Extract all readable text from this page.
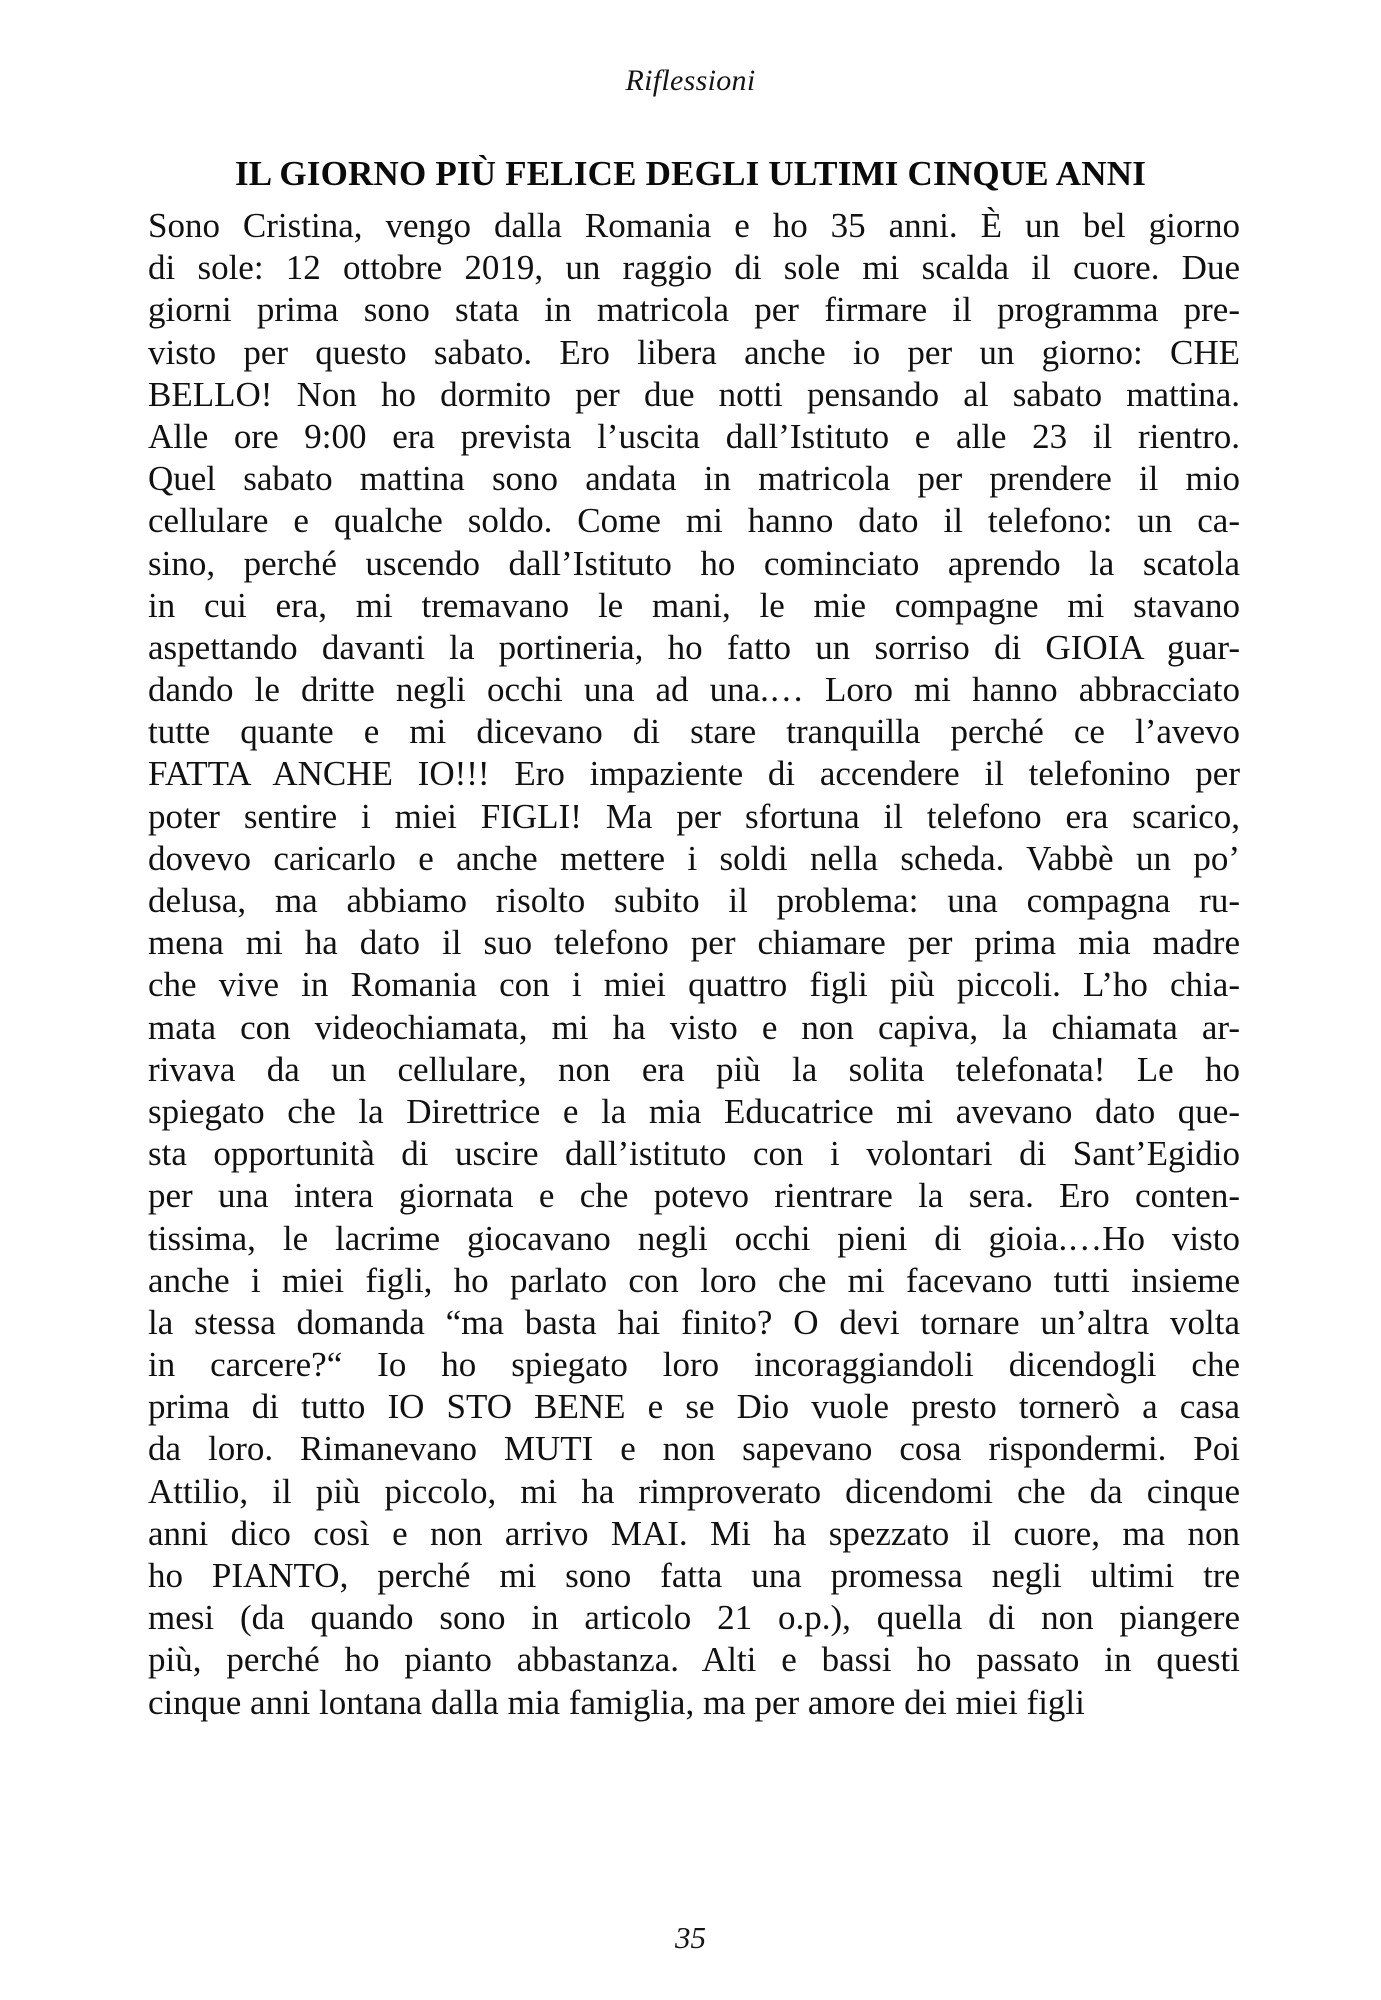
Riflessioni
IL GIORNO PIÙ FELICE DEGLI ULTIMI CINQUE ANNI
Sono Cristina, vengo dalla Romania e ho 35 anni. È un bel giorno
di sole: 12 ottobre 2019, un raggio di sole mi scalda il cuore. Due
giorni prima sono stata in matricola per firmare il programma pre-
visto per questo sabato. Ero libera anche io per un giorno: CHE
BELLO! Non ho dormito per due notti pensando al sabato mattina.
Alle ore 9:00 era prevista l’uscita dall’Istituto e alle 23 il rientro.
Quel sabato mattina sono andata in matricola per prendere il mio
cellulare e qualche soldo. Come mi hanno dato il telefono: un ca-
sino, perché uscendo dall’Istituto ho cominciato aprendo la scatola
in cui era, mi tremavano le mani, le mie compagne mi stavano
aspettando davanti la portineria, ho fatto un sorriso di GIOIA guar-
dando le dritte negli occhi una ad una.… Loro mi hanno abbracciato
tutte quante e mi dicevano di stare tranquilla perché ce l’avevo
FATTA ANCHE IO!!! Ero impaziente di accendere il telefonino per
poter sentire i miei FIGLI! Ma per sfortuna il telefono era scarico,
dovevo caricarlo e anche mettere i soldi nella scheda. Vabbè un po’
delusa, ma abbiamo risolto subito il problema: una compagna ru-
mena mi ha dato il suo telefono per chiamare per prima mia madre
che vive in Romania con i miei quattro figli più piccoli. L’ho chia-
mata con videochiamata, mi ha visto e non capiva, la chiamata ar-
rivava da un cellulare, non era più la solita telefonata! Le ho
spiegato che la Direttrice e la mia Educatrice mi avevano dato que-
sta opportunità di uscire dall’istituto con i volontari di Sant’Egidio
per una intera giornata e che potevo rientrare la sera. Ero conten-
tissima, le lacrime giocavano negli occhi pieni di gioia.…Ho visto
anche i miei figli, ho parlato con loro che mi facevano tutti insieme
la stessa domanda “ma basta hai finito? O devi tornare un’altra volta
in carcere?“ Io ho spiegato loro incoraggiandoli dicendogli che
prima di tutto IO STO BENE e se Dio vuole presto tornerò a casa
da loro. Rimanevano MUTI e non sapevano cosa rispondermi. Poi
Attilio, il più piccolo, mi ha rimproverato dicendomi che da cinque
anni dico così e non arrivo MAI. Mi ha spezzato il cuore, ma non
ho PIANTO, perché mi sono fatta una promessa negli ultimi tre
mesi (da quando sono in articolo 21 o.p.), quella di non piangere
più, perché ho pianto abbastanza. Alti e bassi ho passato in questi
cinque anni lontana dalla mia famiglia, ma per amore dei miei figli
35
